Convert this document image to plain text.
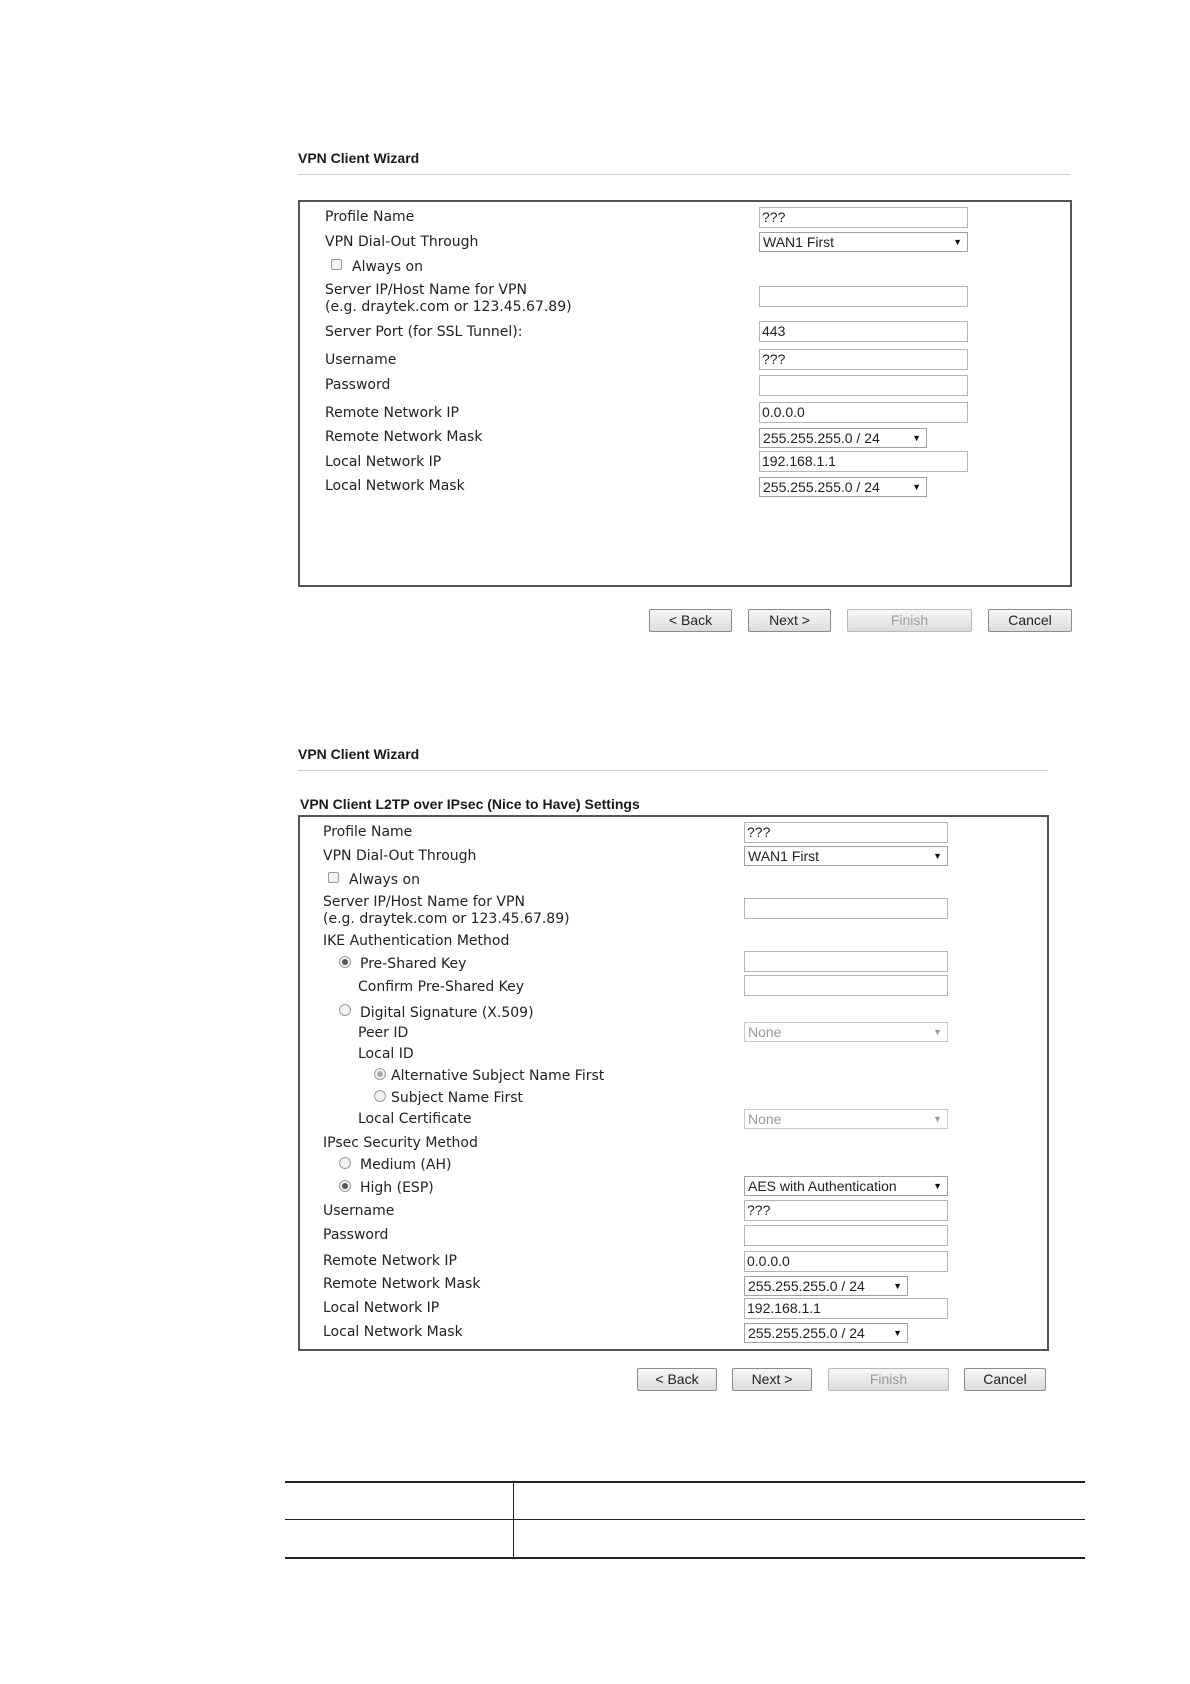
VPN Client Wizard
Profile Name	???
VPN Dial-Out Through	WAN1 First	▼
Always on
Server IP/Host Name for VPN
(e.g. draytek.com or 123.45.67.89)
Server Port (for SSL Tunnel):	443
Username	???
Password
Remote Network IP	0.0.0.0
Remote Network Mask	255.255.255.0 / 24	▼
Local Network IP	192.168.1.1
Local Network Mask	255.255.255.0 / 24	▼
< Back	Next >	Finish	Cancel
VPN Client Wizard
VPN Client L2TP over IPsec (Nice to Have) Settings
Profile Name	???
VPN Dial-Out Through	WAN1 First	▼
Always on
Server IP/Host Name for VPN
(e.g. draytek.com or 123.45.67.89)
IKE Authentication Method
Pre-Shared Key
Confirm Pre-Shared Key
Digital Signature (X.509)
Peer ID	None	▼
Local ID
Alternative Subject Name First
Subject Name First
Local Certificate	None	▼
IPsec Security Method
Medium (AH)
High (ESP)	AES with Authentication	▼
Username	???
Password
Remote Network IP	0.0.0.0
Remote Network Mask	255.255.255.0 / 24	▼
Local Network IP	192.168.1.1
Local Network Mask	255.255.255.0 / 24	▼
< Back	Next >	Finish	Cancel
